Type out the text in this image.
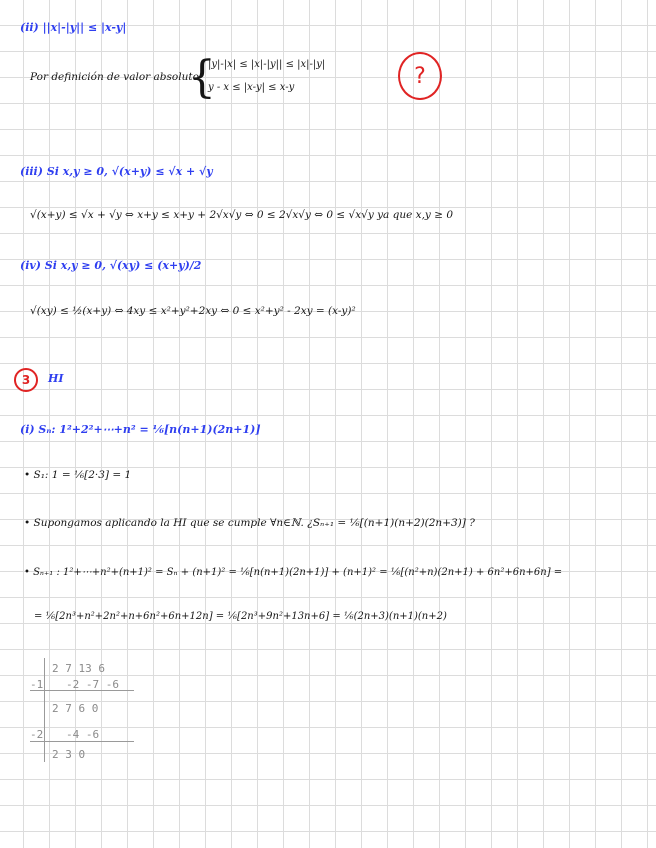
(ii) ||x|-|y|| ≤ |x-y|
Por definición de valor absoluto
{
|y|-|x| ≤ |x|-|y|| ≤ |x|-|y|
y - x ≤ |x-y| ≤ x-y	?
(iii) Si x,y ≥ 0, √(x+y) ≤ √x + √y
√(x+y) ≤ √x + √y ⇔ x+y ≤ x+y + 2√x√y ⇔ 0 ≤ 2√x√y ⇔ 0 ≤ √x√y ya que x,y ≥ 0
(iv) Si x,y ≥ 0, √(xy) ≤ (x+y)/2
√(xy) ≤ ½(x+y) ⇔ 4xy ≤ x²+y²+2xy ⇔ 0 ≤ x²+y² - 2xy = (x-y)²
3	HI
(i) Sₙ: 1²+2²+⋯+n² = ⅙[n(n+1)(2n+1)]
• S₁: 1 = ⅙[2·3] = 1
• Supongamos aplicando la HI que se cumple ∀n∈ℕ. ¿Sₙ₊₁ = ⅙[(n+1)(n+2)(2n+3)] ?
• Sₙ₊₁ : 1²+⋯+n²+(n+1)² = Sₙ + (n+1)² = ⅙[n(n+1)(2n+1)] + (n+1)² = ⅙[(n²+n)(2n+1) + 6n²+6n+6n] =
= ⅙[2n³+n²+2n²+n+6n²+6n+12n] = ⅙[2n³+9n²+13n+6] = ⅙(2n+3)(n+1)(n+2)
2 7 13 6
-1 -2 -7 -6
2 7 6 0
-2 -4 -6
2 3 0
